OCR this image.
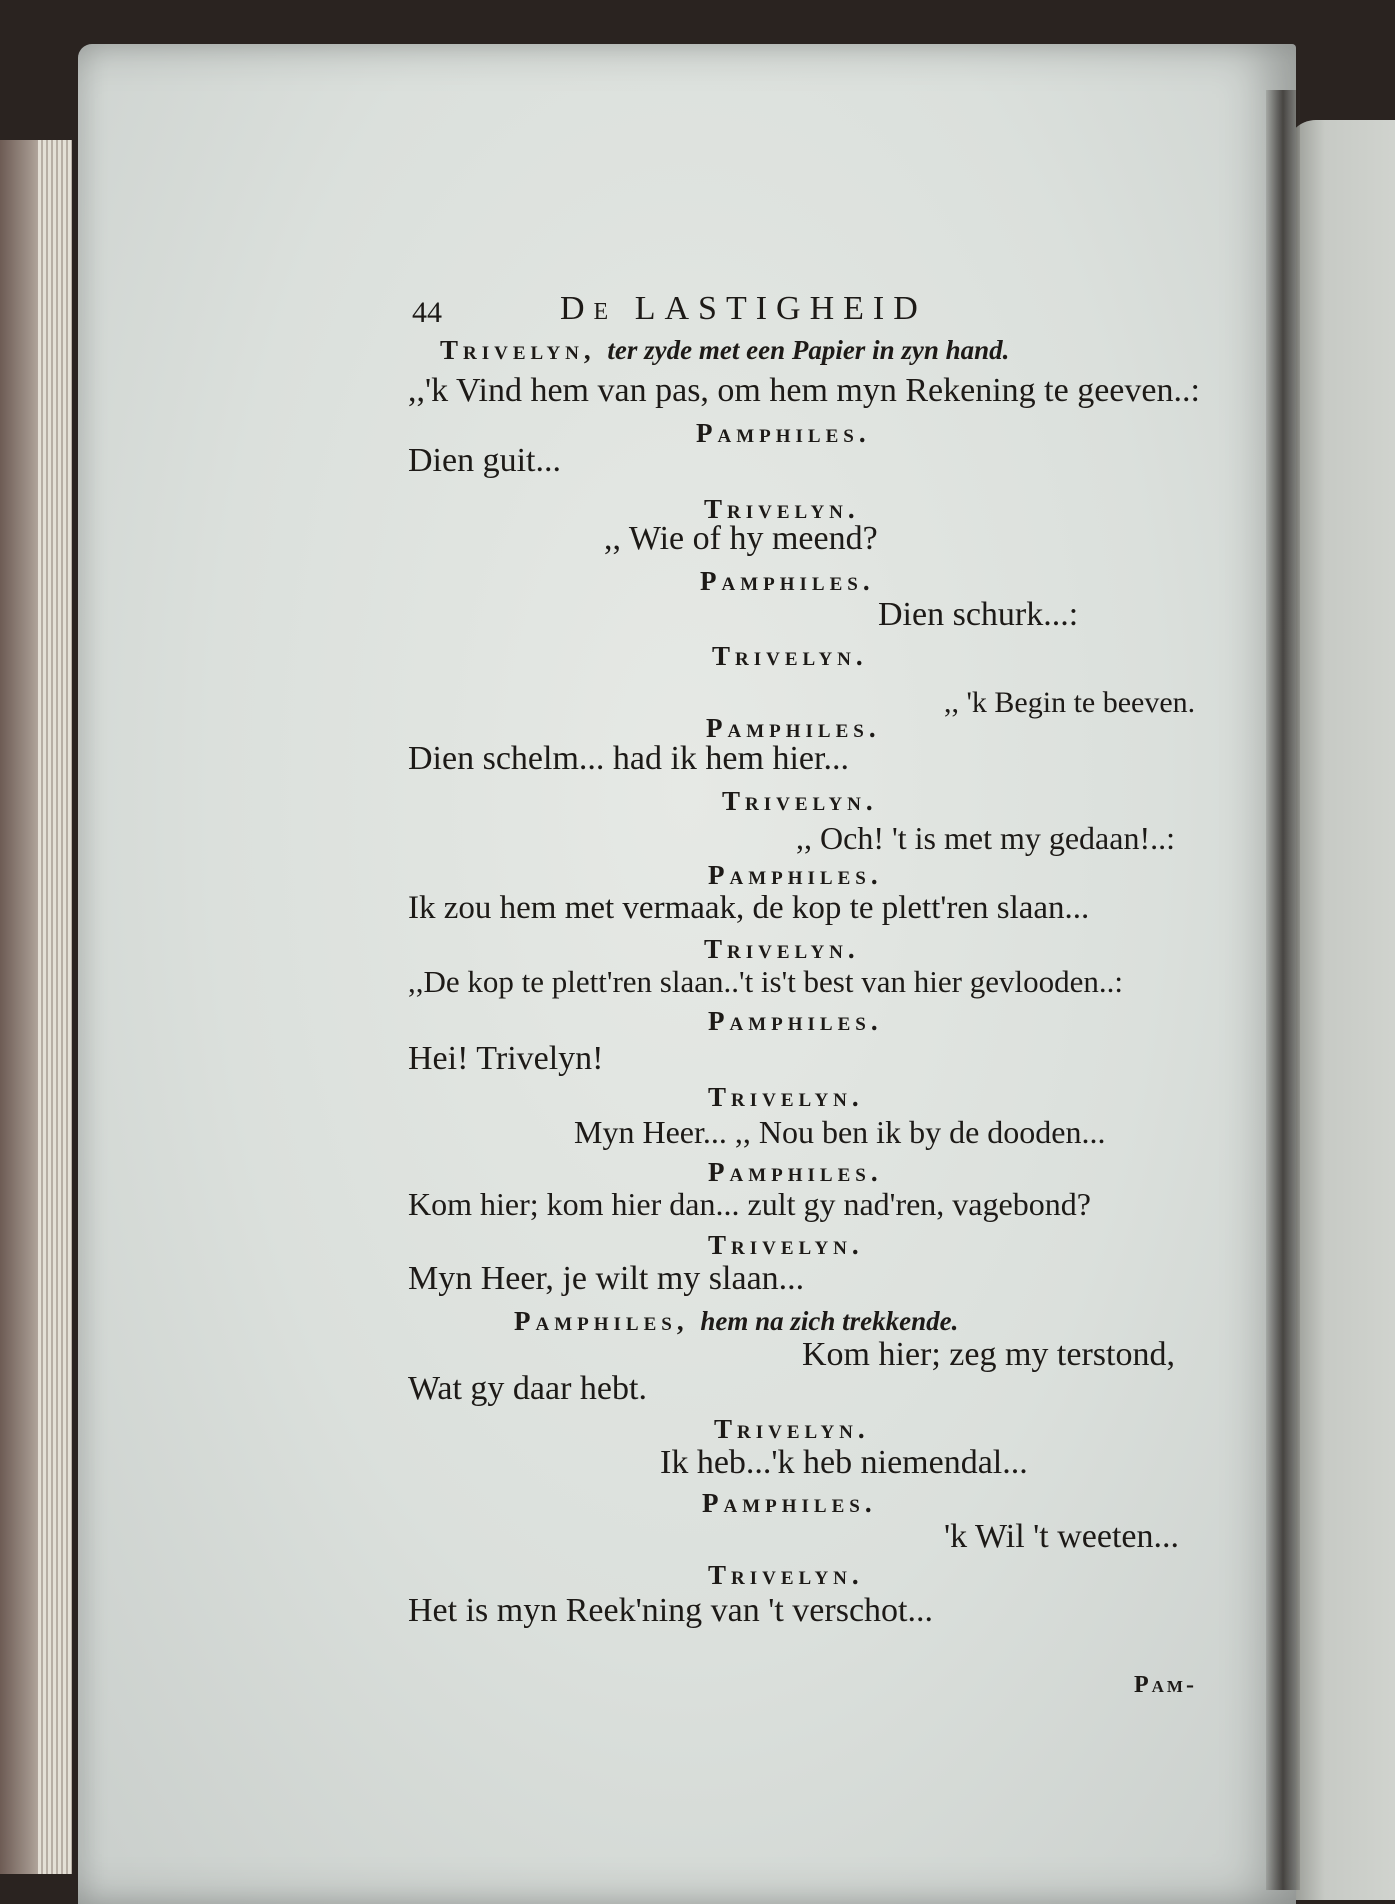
44	De LASTIGHEID
Trivelyn, ter zyde met een Papier in zyn hand.
,,'k Vind hem van pas, om hem myn Rekening te geeven..:
Pamphiles.
Dien guit...
Trivelyn.
,, Wie of hy meend?
Pamphiles.
Dien schurk...:
Trivelyn.
,, 'k Begin te beeven.
Pamphiles.
Dien schelm... had ik hem hier...
Trivelyn.
,, Och! 't is met my gedaan!..:
Pamphiles.
Ik zou hem met vermaak, de kop te plett'ren slaan...
Trivelyn.
,,De kop te plett'ren slaan..'t is't best van hier gevlooden..:
Pamphiles.
Hei! Trivelyn!
Trivelyn.
Myn Heer... ,, Nou ben ik by de dooden...
Pamphiles.
Kom hier; kom hier dan... zult gy nad'ren, vagebond?
Trivelyn.
Myn Heer, je wilt my slaan...
Pamphiles, hem na zich trekkende.
Kom hier; zeg my terstond,
Wat gy daar hebt.
Trivelyn.
Ik heb...'k heb niemendal...
Pamphiles.
'k Wil 't weeten...
Trivelyn.
Het is myn Reek'ning van 't verschot...
Pam-
